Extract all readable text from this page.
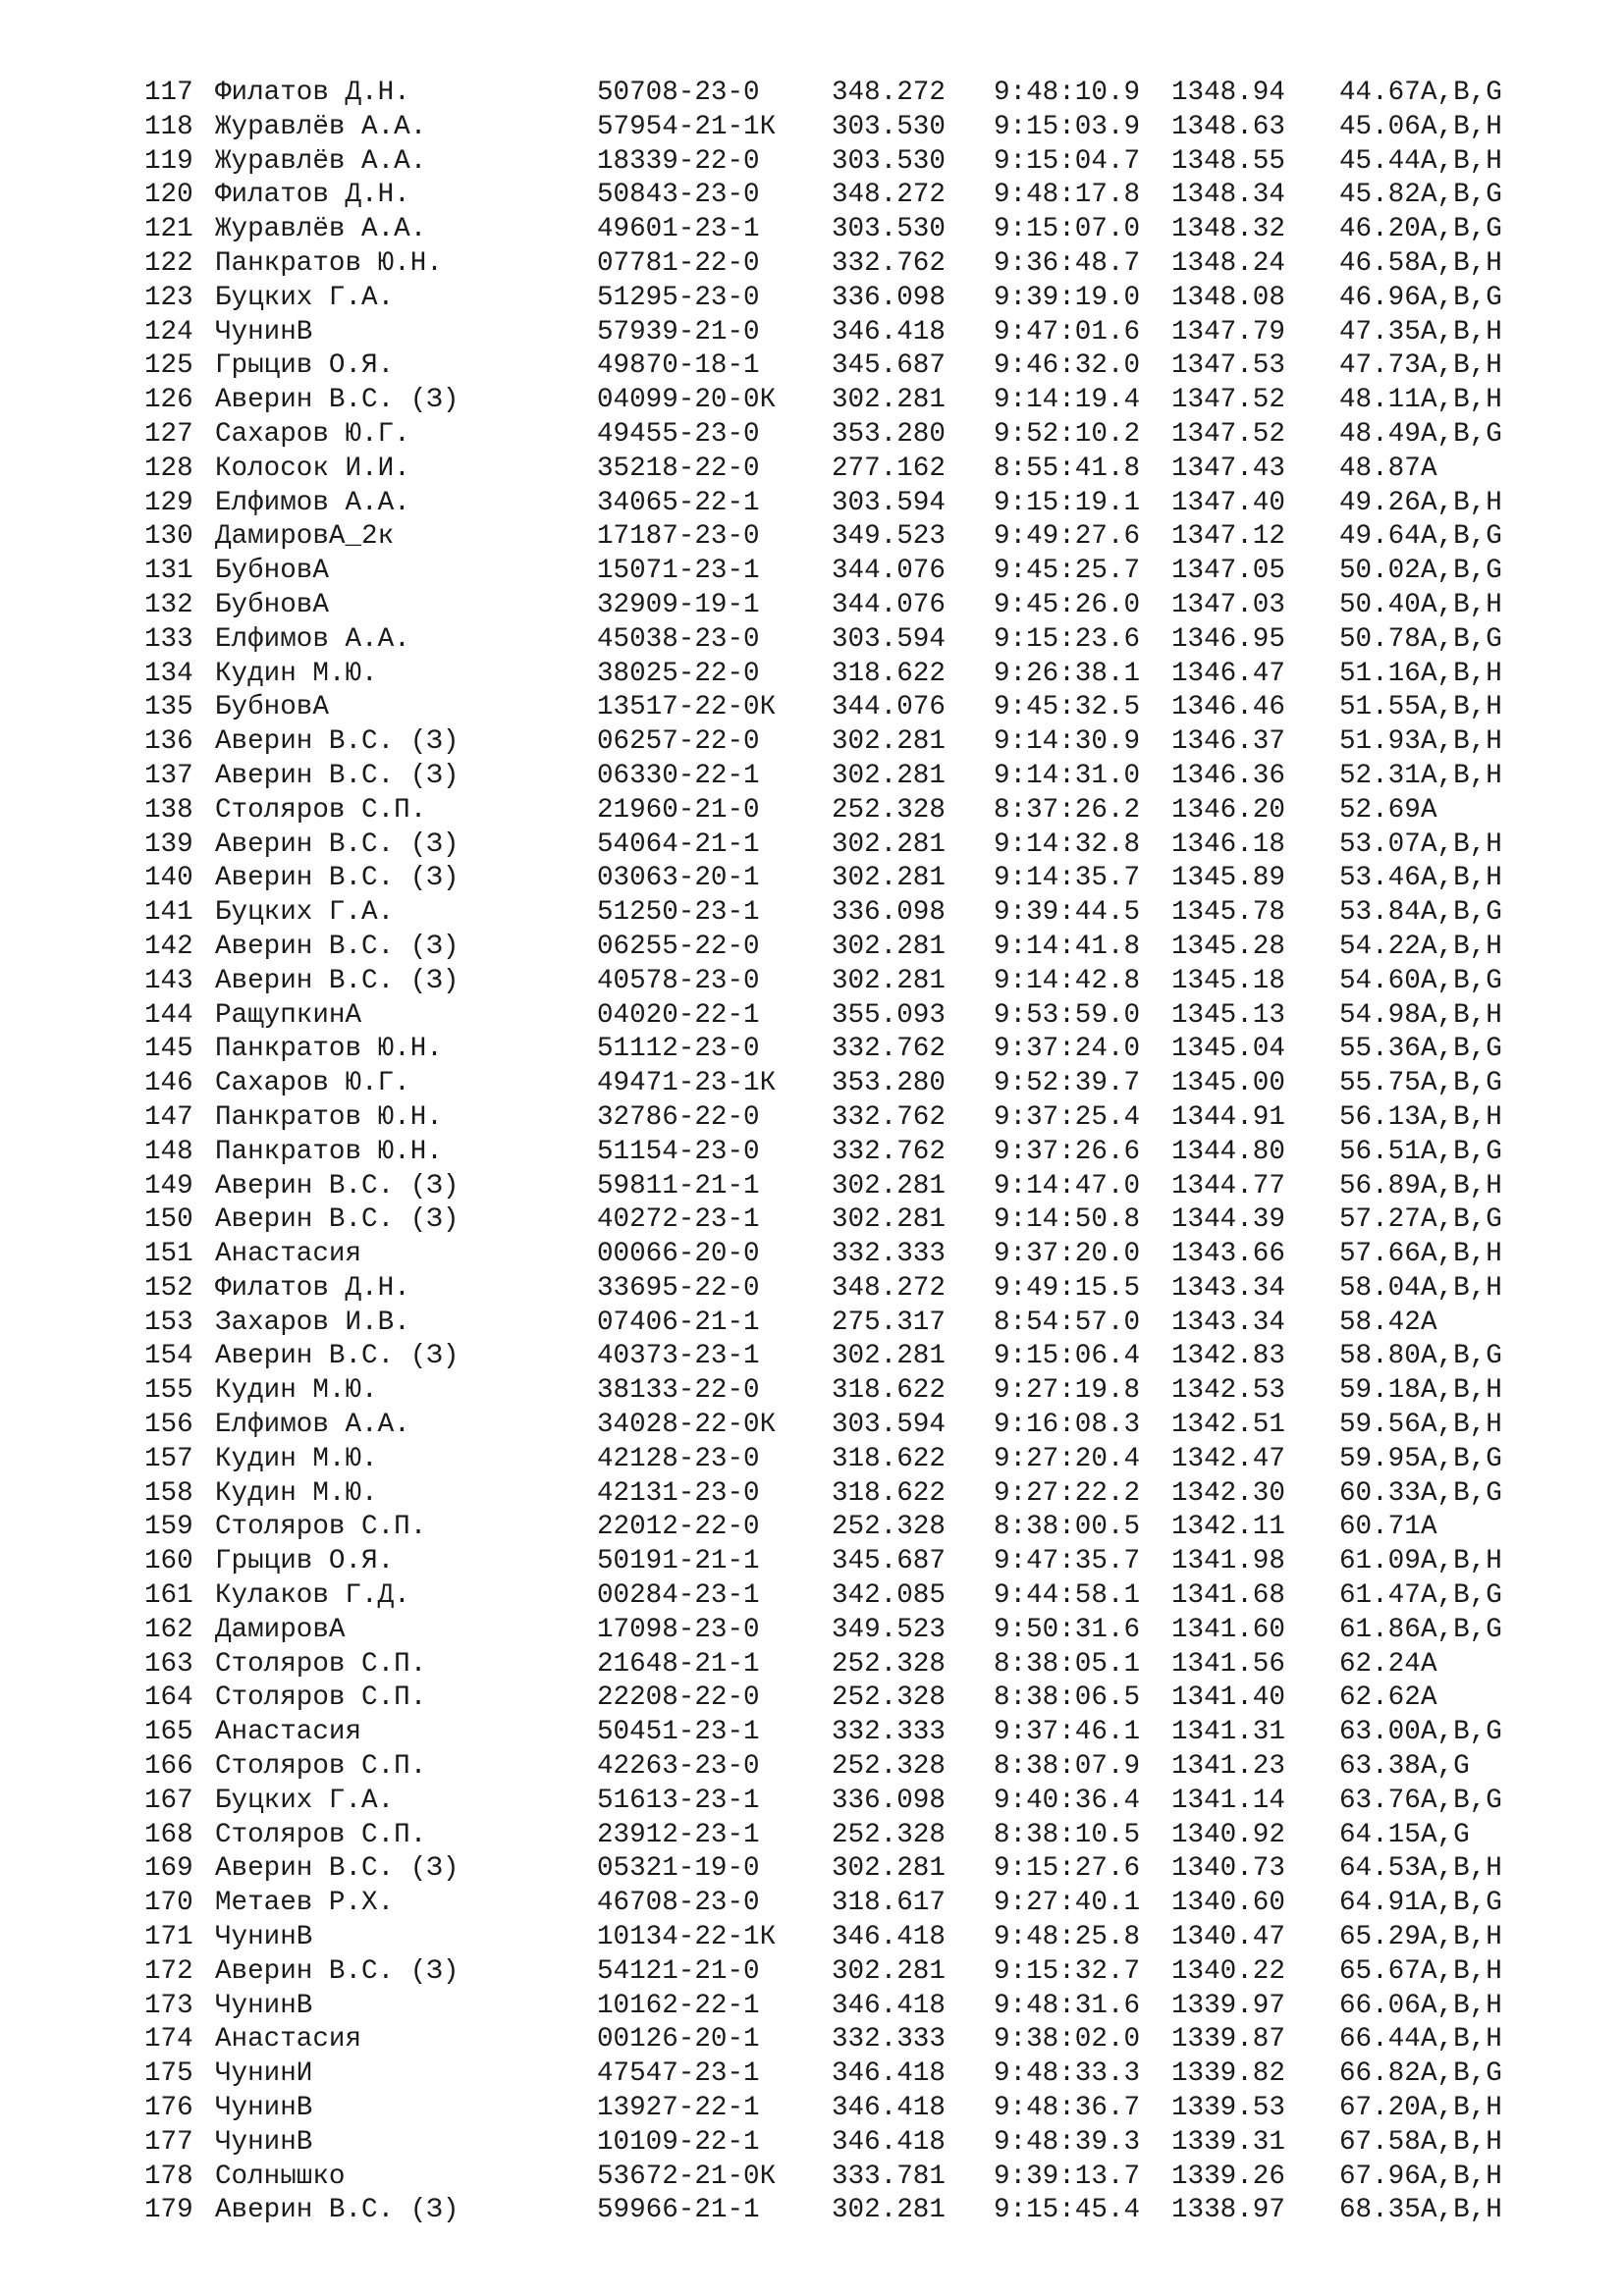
117 Филатов Д.Н.	50708-23-0	348.272 9:48:10.9 1348.94 44.67 A,B,G
118 Журавлёв А.А.	57954-21-1К 303.530 9:15:03.9 1348.63 45.06 A,B,H
119 Журавлёв А.А.	18339-22-0	303.530 9:15:04.7 1348.55 45.44 A,B,H
120 Филатов Д.Н.	50843-23-0	348.272 9:48:17.8 1348.34 45.82 A,B,G
121 Журавлёв А.А.	49601-23-1	303.530 9:15:07.0 1348.32 46.20 A,B,G
122 Панкратов Ю.Н.	07781-22-0	332.762 9:36:48.7 1348.24 46.58 A,B,H
123 Буцких Г.А.	51295-23-0	336.098 9:39:19.0 1348.08 46.96 A,B,G
124 ЧунинВ	57939-21-0	346.418 9:47:01.6 1347.79 47.35 A,B,H
125 Грыцив О.Я.	49870-18-1	345.687 9:46:32.0 1347.53 47.73 A,B,H
126 Аверин В.С. (З)	04099-20-0К 302.281 9:14:19.4 1347.52 48.11 A,B,H
127 Сахаров Ю.Г.	49455-23-0	353.280 9:52:10.2 1347.52 48.49 A,B,G
128 Колосок И.И.	35218-22-0	277.162 8:55:41.8 1347.43 48.87 A
129 Елфимов А.А.	34065-22-1	303.594 9:15:19.1 1347.40 49.26 A,B,H
130 ДамировА_2к	17187-23-0	349.523 9:49:27.6 1347.12 49.64 A,B,G
131 БубновА	15071-23-1	344.076 9:45:25.7 1347.05 50.02 A,B,G
132 БубновА	32909-19-1	344.076 9:45:26.0 1347.03 50.40 A,B,H
133 Елфимов А.А.	45038-23-0	303.594 9:15:23.6 1346.95 50.78 A,B,G
134 Кудин М.Ю.	38025-22-0	318.622 9:26:38.1 1346.47 51.16 A,B,H
135 БубновА	13517-22-0К 344.076 9:45:32.5 1346.46 51.55 A,B,H
136 Аверин В.С. (З)	06257-22-0	302.281 9:14:30.9 1346.37 51.93 A,B,H
137 Аверин В.С. (З)	06330-22-1	302.281 9:14:31.0 1346.36 52.31 A,B,H
138 Столяров С.П.	21960-21-0	252.328 8:37:26.2 1346.20 52.69 A
139 Аверин В.С. (З)	54064-21-1	302.281 9:14:32.8 1346.18 53.07 A,B,H
140 Аверин В.С. (З)	03063-20-1	302.281 9:14:35.7 1345.89 53.46 A,B,H
141 Буцких Г.А.	51250-23-1	336.098 9:39:44.5 1345.78 53.84 A,B,G
142 Аверин В.С. (З)	06255-22-0	302.281 9:14:41.8 1345.28 54.22 A,B,H
143 Аверин В.С. (З)	40578-23-0	302.281 9:14:42.8 1345.18 54.60 A,B,G
144 РащупкинА	04020-22-1	355.093 9:53:59.0 1345.13 54.98 A,B,H
145 Панкратов Ю.Н.	51112-23-0	332.762 9:37:24.0 1345.04 55.36 A,B,G
146 Сахаров Ю.Г.	49471-23-1К 353.280 9:52:39.7 1345.00 55.75 A,B,G
147 Панкратов Ю.Н.	32786-22-0	332.762 9:37:25.4 1344.91 56.13 A,B,H
148 Панкратов Ю.Н.	51154-23-0	332.762 9:37:26.6 1344.80 56.51 A,B,G
149 Аверин В.С. (З)	59811-21-1	302.281 9:14:47.0 1344.77 56.89 A,B,H
150 Аверин В.С. (З)	40272-23-1	302.281 9:14:50.8 1344.39 57.27 A,B,G
151 Анастасия	00066-20-0	332.333 9:37:20.0 1343.66 57.66 A,B,H
152 Филатов Д.Н.	33695-22-0	348.272 9:49:15.5 1343.34 58.04 A,B,H
153 Захаров И.В.	07406-21-1	275.317 8:54:57.0 1343.34 58.42 A
154 Аверин В.С. (З)	40373-23-1	302.281 9:15:06.4 1342.83 58.80 A,B,G
155 Кудин М.Ю.	38133-22-0	318.622 9:27:19.8 1342.53 59.18 A,B,H
156 Елфимов А.А.	34028-22-0К 303.594 9:16:08.3 1342.51 59.56 A,B,H
157 Кудин М.Ю.	42128-23-0	318.622 9:27:20.4 1342.47 59.95 A,B,G
158 Кудин М.Ю.	42131-23-0	318.622 9:27:22.2 1342.30 60.33 A,B,G
159 Столяров С.П.	22012-22-0	252.328 8:38:00.5 1342.11 60.71 A
160 Грыцив О.Я.	50191-21-1	345.687 9:47:35.7 1341.98 61.09 A,B,H
161 Кулаков Г.Д.	00284-23-1	342.085 9:44:58.1 1341.68 61.47 A,B,G
162 ДамировА	17098-23-0	349.523 9:50:31.6 1341.60 61.86 A,B,G
163 Столяров С.П.	21648-21-1	252.328 8:38:05.1 1341.56 62.24 A
164 Столяров С.П.	22208-22-0	252.328 8:38:06.5 1341.40 62.62 A
165 Анастасия	50451-23-1	332.333 9:37:46.1 1341.31 63.00 A,B,G
166 Столяров С.П.	42263-23-0	252.328 8:38:07.9 1341.23 63.38 A,G
167 Буцких Г.А.	51613-23-1	336.098 9:40:36.4 1341.14 63.76 A,B,G
168 Столяров С.П.	23912-23-1	252.328 8:38:10.5 1340.92 64.15 A,G
169 Аверин В.С. (З)	05321-19-0	302.281 9:15:27.6 1340.73 64.53 A,B,H
170 Метаев Р.Х.	46708-23-0	318.617 9:27:40.1 1340.60 64.91 A,B,G
171 ЧунинВ	10134-22-1К 346.418 9:48:25.8 1340.47 65.29 A,B,H
172 Аверин В.С. (З)	54121-21-0	302.281 9:15:32.7 1340.22 65.67 A,B,H
173 ЧунинВ	10162-22-1	346.418 9:48:31.6 1339.97 66.06 A,B,H
174 Анастасия	00126-20-1	332.333 9:38:02.0 1339.87 66.44 A,B,H
175 ЧунинИ	47547-23-1	346.418 9:48:33.3 1339.82 66.82 A,B,G
176 ЧунинВ	13927-22-1	346.418 9:48:36.7 1339.53 67.20 A,B,H
177 ЧунинВ	10109-22-1	346.418 9:48:39.3 1339.31 67.58 A,B,H
178 Солнышко	53672-21-0К 333.781 9:39:13.7 1339.26 67.96 A,B,H
179 Аверин В.С. (З)	59966-21-1	302.281 9:15:45.4 1338.97 68.35 A,B,H
